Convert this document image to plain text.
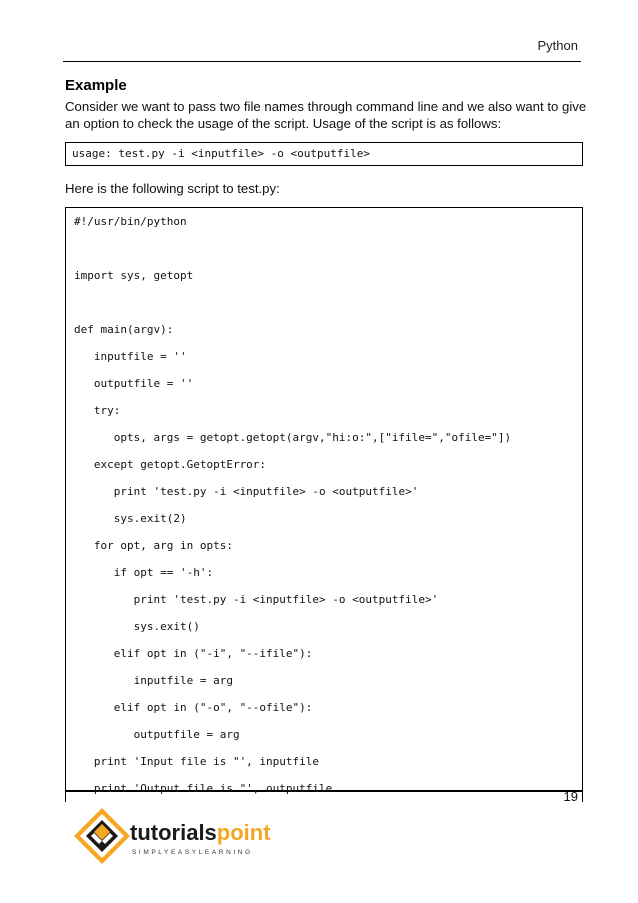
Python
Example
Consider we want to pass two file names through command line and we also want to give an option to check the usage of the script. Usage of the script is as follows:
usage: test.py -i <inputfile> -o <outputfile>
Here is the following script to test.py:
#!/usr/bin/python
import sys, getopt
def main(argv):
inputfile = ''
outputfile = ''
try:
opts, args = getopt.getopt(argv,"hi:o:",["ifile=","ofile="])
except getopt.GetoptError:
print 'test.py -i <inputfile> -o <outputfile>'
sys.exit(2)
for opt, arg in opts:
if opt == '-h':
print 'test.py -i <inputfile> -o <outputfile>'
sys.exit()
elif opt in ("-i", "--ifile"):
inputfile = arg
elif opt in ("-o", "--ofile"):
outputfile = arg
print 'Input file is "', inputfile
print 'Output file is "', outputfile
19
tutorialspoint
SIMPLYEASYLEARNING
